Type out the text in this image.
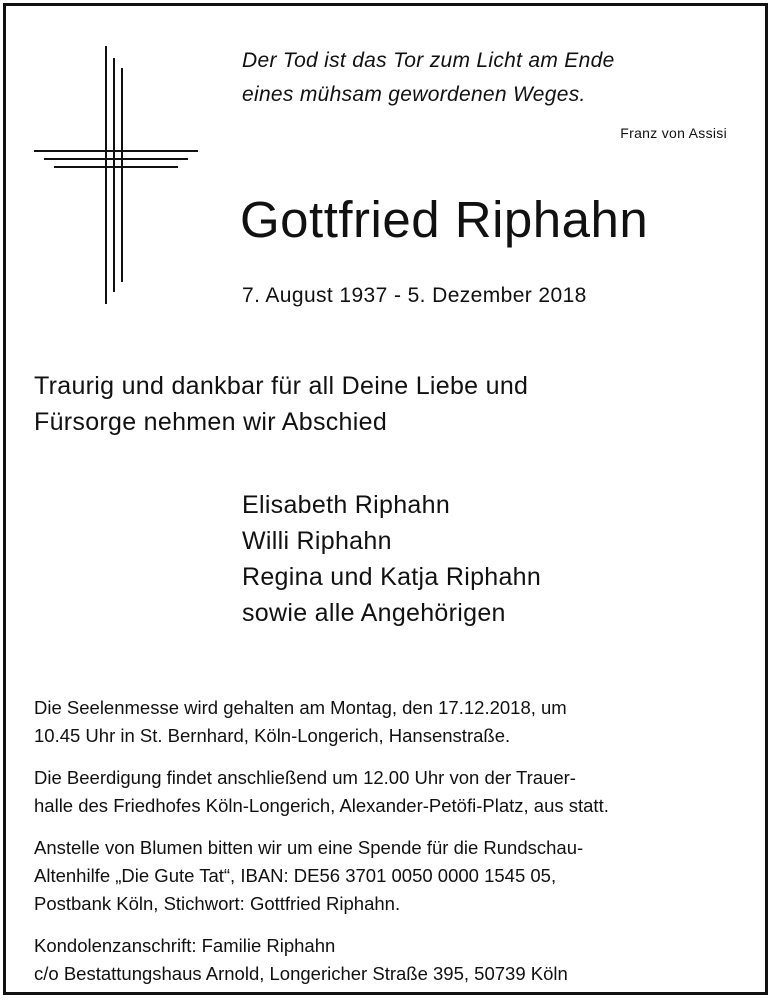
Der Tod ist das Tor zum Licht am Ende
eines mühsam gewordenen Weges.
Franz von Assisi
Gottfried Riphahn
7. August 1937 - 5. Dezember 2018
Traurig und dankbar für all Deine Liebe und
Fürsorge nehmen wir Abschied
Elisabeth Riphahn
Willi Riphahn
Regina und Katja Riphahn
sowie alle Angehörigen

Die Seelenmesse wird gehalten am Montag, den 17.12.2018, um
10.45 Uhr in St. Bernhard, Köln-Longerich, Hansenstraße.

Die Beerdigung findet anschließend um 12.00 Uhr von der Trauer-
halle des Friedhofes Köln-Longerich, Alexander-Petöfi-Platz, aus statt.

Anstelle von Blumen bitten wir um eine Spende für die Rundschau-
Altenhilfe „Die Gute Tat“, IBAN: DE56 3701 0050 0000 1545 05,
Postbank Köln, Stichwort: Gottfried Riphahn.

Kondolenzanschrift: Familie Riphahn
c/o Bestattungshaus Arnold, Longericher Straße 395, 50739 Köln
